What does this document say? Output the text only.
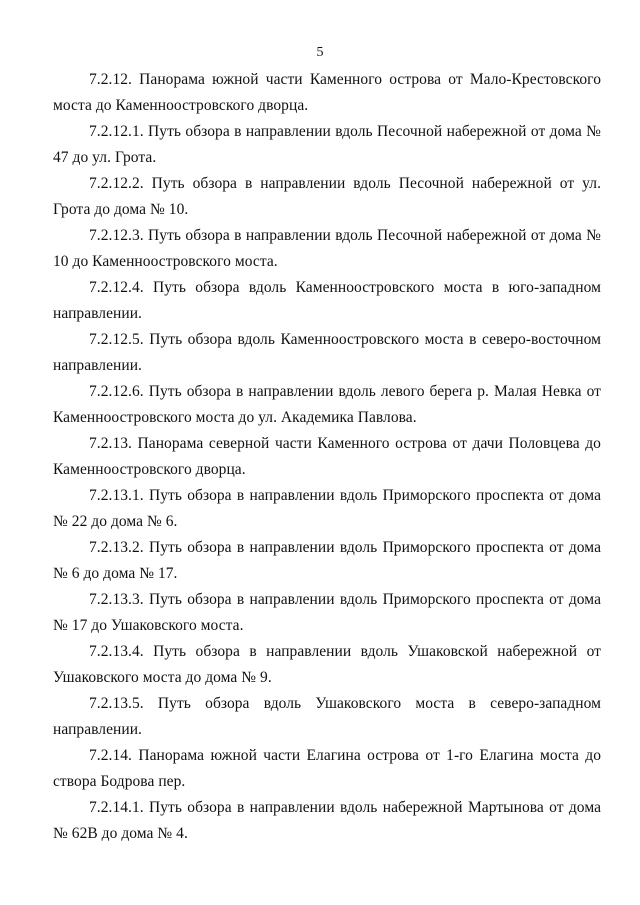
5

7.2.12. Панорама южной части Каменного острова от Мало-Крестовского моста до Каменноостровского дворца.

7.2.12.1. Путь обзора в направлении вдоль Песочной набережной от дома № 47 до ул. Грота.

7.2.12.2. Путь обзора в направлении вдоль Песочной набережной от ул. Грота до дома № 10.

7.2.12.3. Путь обзора в направлении вдоль Песочной набережной от дома № 10 до Каменноостровского моста.

7.2.12.4. Путь обзора вдоль Каменноостровского моста в юго-западном направлении.

7.2.12.5. Путь обзора вдоль Каменноостровского моста в северо-восточном направлении.

7.2.12.6. Путь обзора в направлении вдоль левого берега р. Малая Невка от Каменноостровского моста до ул. Академика Павлова.

7.2.13. Панорама северной части Каменного острова от дачи Половцева до Каменноостровского дворца.

7.2.13.1. Путь обзора в направлении вдоль Приморского проспекта от дома № 22 до дома № 6.

7.2.13.2. Путь обзора в направлении вдоль Приморского проспекта от дома № 6 до дома № 17.

7.2.13.3. Путь обзора в направлении вдоль Приморского проспекта от дома № 17 до Ушаковского моста.

7.2.13.4. Путь обзора в направлении вдоль Ушаковской набережной от Ушаковского моста до дома № 9.

7.2.13.5. Путь обзора вдоль Ушаковского моста в северо-западном направлении.

7.2.14. Панорама южной части Елагина острова от 1-го Елагина моста до створа Бодрова пер.

7.2.14.1. Путь обзора в направлении вдоль набережной Мартынова от дома № 62В до дома № 4.
